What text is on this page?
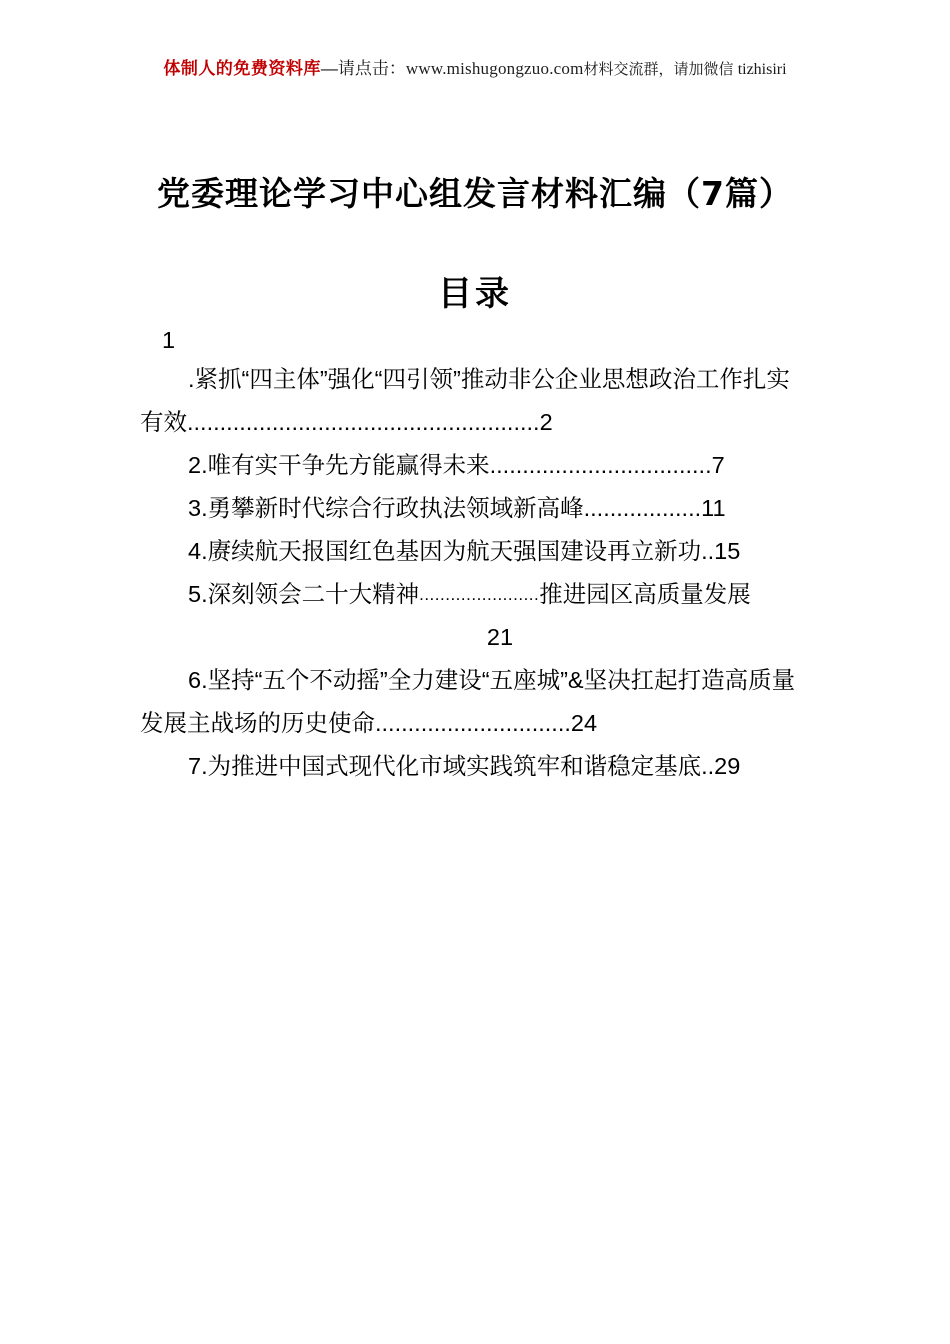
体制人的免费资料库—请点击：www.mishugongzuo.com材料交流群，请加微信 tizhisiri
党委理论学习中心组发言材料汇编（7篇）
目录
1
.紧抓“四主体”强化“四引领”推动非公企业思想政治工作扎实有效......................................................2
2.唯有实干争先方能赢得未来..................................7
3.勇攀新时代综合行政执法领域新高峰..................11
4.赓续航天报国红色基因为航天强国建设再立新功..15
5.深刻领会二十大精神.......................推进园区高质量发展
21
6.坚持“五个不动摇”全力建设“五座城”&坚决扛起打造高质量发展主战场的历史使命..............................24
7.为推进中国式现代化市域实践筑牢和谐稳定基底..29
